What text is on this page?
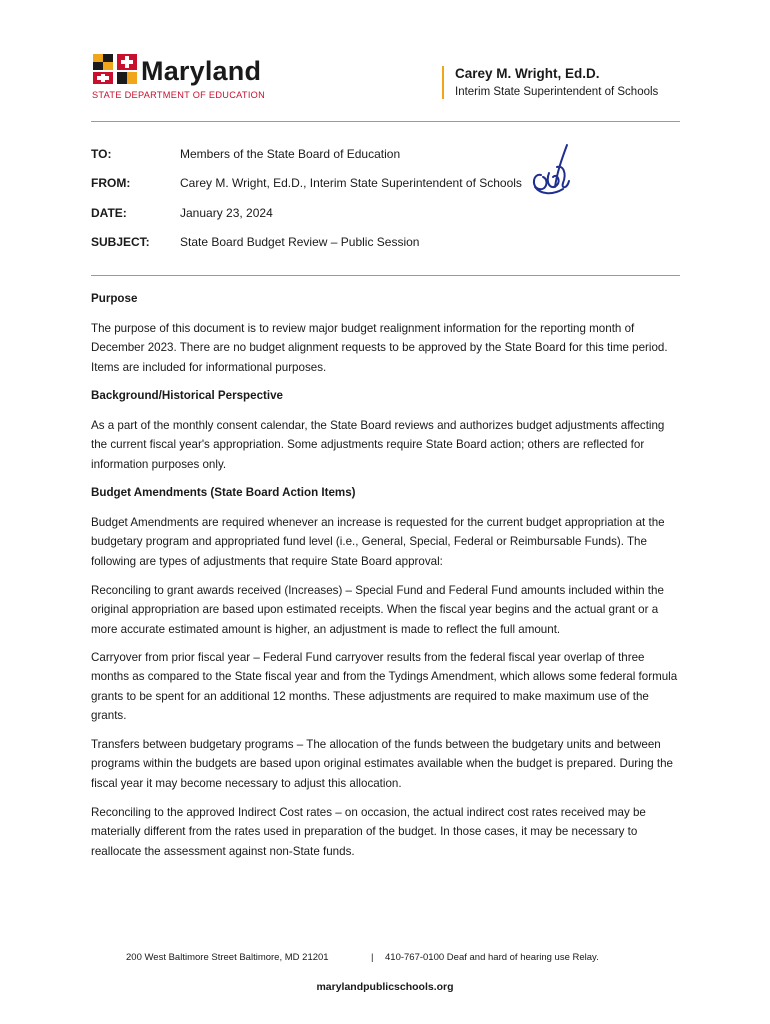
Maryland
STATE DEPARTMENT OF EDUCATION
Carey M. Wright, Ed.D.
Interim State Superintendent of Schools
TO:	Members of the State Board of Education
FROM:	Carey M. Wright, Ed.D., Interim State Superintendent of Schools
DATE:	January 23, 2024
SUBJECT:	State Board Budget Review – Public Session
Purpose
The purpose of this document is to review major budget realignment information for the reporting month of December 2023. There are no budget alignment requests to be approved by the State Board for this time period. Items are included for informational purposes.
Background/Historical Perspective
As a part of the monthly consent calendar, the State Board reviews and authorizes budget adjustments affecting the current fiscal year's appropriation. Some adjustments require State Board action; others are reflected for information purposes only.
Budget Amendments (State Board Action Items)
Budget Amendments are required whenever an increase is requested for the current budget appropriation at the budgetary program and appropriated fund level (i.e., General, Special, Federal or Reimbursable Funds). The following are types of adjustments that require State Board approval:
Reconciling to grant awards received (Increases) – Special Fund and Federal Fund amounts included within the original appropriation are based upon estimated receipts. When the fiscal year begins and the actual grant or a more accurate estimated amount is higher, an adjustment is made to reflect the full amount.
Carryover from prior fiscal year – Federal Fund carryover results from the federal fiscal year overlap of three months as compared to the State fiscal year and from the Tydings Amendment, which allows some federal formula grants to be spent for an additional 12 months. These adjustments are required to make maximum use of the grants.
Transfers between budgetary programs – The allocation of the funds between the budgetary units and between programs within the budgets are based upon original estimates available when the budget is prepared. During the fiscal year it may become necessary to adjust this allocation.
Reconciling to the approved Indirect Cost rates – on occasion, the actual indirect cost rates received may be materially different from the rates used in preparation of the budget. In those cases, it may be necessary to reallocate the assessment against non-State funds.
200 West Baltimore Street Baltimore, MD 21201	| 410-767-0100 Deaf and hard of hearing use Relay.
marylandpublicschools.org
